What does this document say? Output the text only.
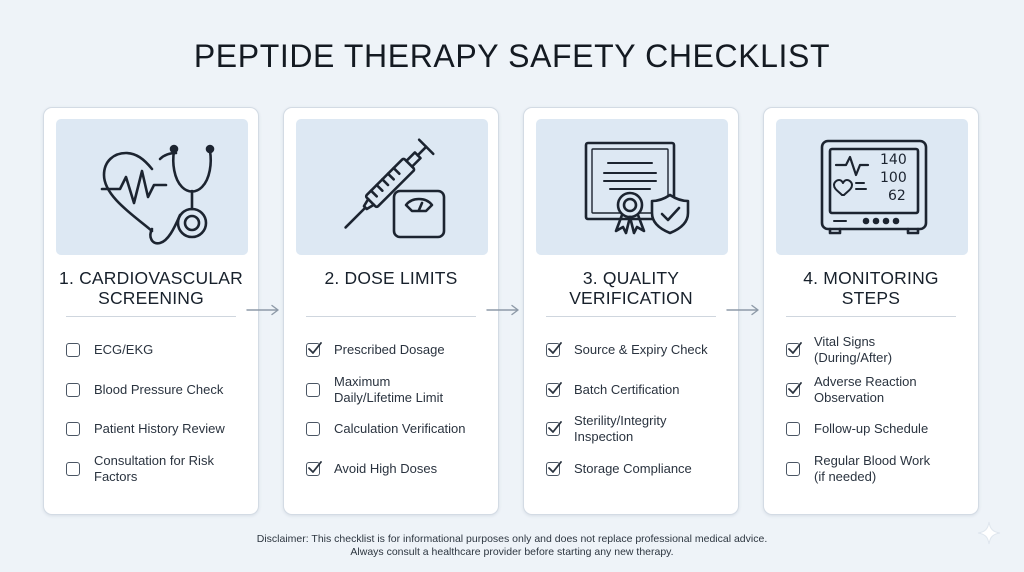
PEPTIDE THERAPY SAFETY CHECKLIST
1. CARDIOVASCULAR
SCREENING
ECG/EKG
Blood Pressure Check
Patient History Review
Consultation for Risk
Factors
2. DOSE LIMITS
Prescribed Dosage
Maximum
Daily/Lifetime Limit
Calculation Verification
Avoid High Doses
3. QUALITY
VERIFICATION
Source & Expiry Check
Batch Certification
Sterility/Integrity
Inspection
Storage Compliance
140
100
62
4. MONITORING
STEPS
Vital Signs
(During/After)
Adverse Reaction
Observation
Follow-up Schedule
Regular Blood Work
(if needed)
Disclaimer: This checklist is for informational purposes only and does not replace professional medical advice.
Always consult a healthcare provider before starting any new therapy.
